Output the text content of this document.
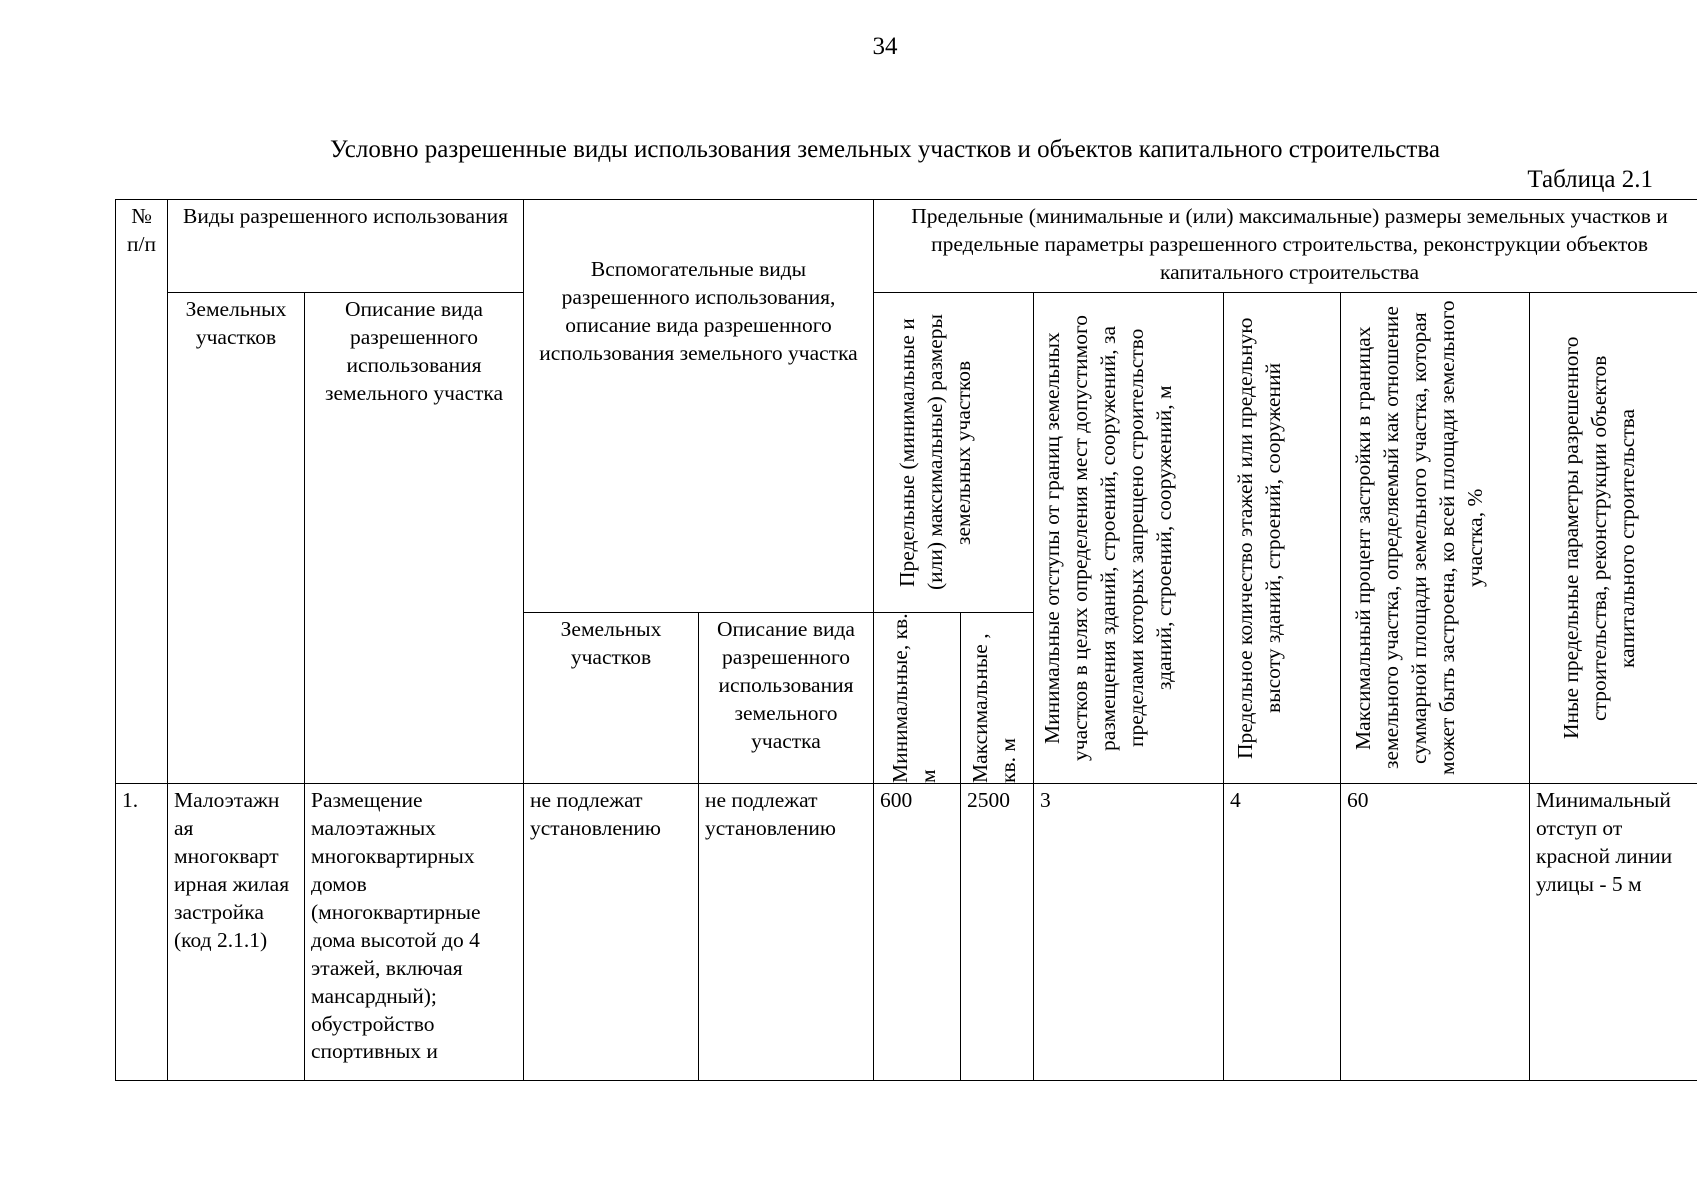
34
Условно разрешенные виды использования земельных участков и объектов капитального строительства
Таблица 2.1
№ п/п	Виды разрешенного использования		Вспомогательные виды разрешенного использования, описание вида разрешенного использования земельного участка		Предельные (минимальные и (или) максимальные) размеры земельных участков и предельные параметры разрешенного строительства, реконструкции объектов капитального строительства					
	Земельных участков	Описание вида разрешенного использования земельного участка			Предельные (минимальные и (или) максимальные) размеры земельных участков		Минимальные отступы от границ земельных участков в целях определения мест допустимого размещения зданий, строений, сооружений, за пределами которых запрещено строительство зданий, строений, сооружений, м	Предельное количество этажей или предельную высоту зданий, строений, сооружений	Максимальный процент застройки в границах земельного участка, определяемый как отношение суммарной площади земельного участка, которая может быть застроена, ко всей площади земельного участка, %	Иные предельные параметры разрешенного строительства, реконструкции объектов капитального строительства

			Земельных участков	Описание вида разрешенного использования земельного участка	Минимальные, кв. м	Максимальные , кв. м				

1.	Малоэтажн ая многокварт ирная жилая застройка (код 2.1.1)	Размещение малоэтажных многоквартирных домов (многоквартирные дома высотой до 4 этажей, включая мансардный); обустройство спортивных и	не подлежат установлению	не подлежат установлению	600	2500	3	4	60	Минимальный отступ от красной линии улицы - 5 м
